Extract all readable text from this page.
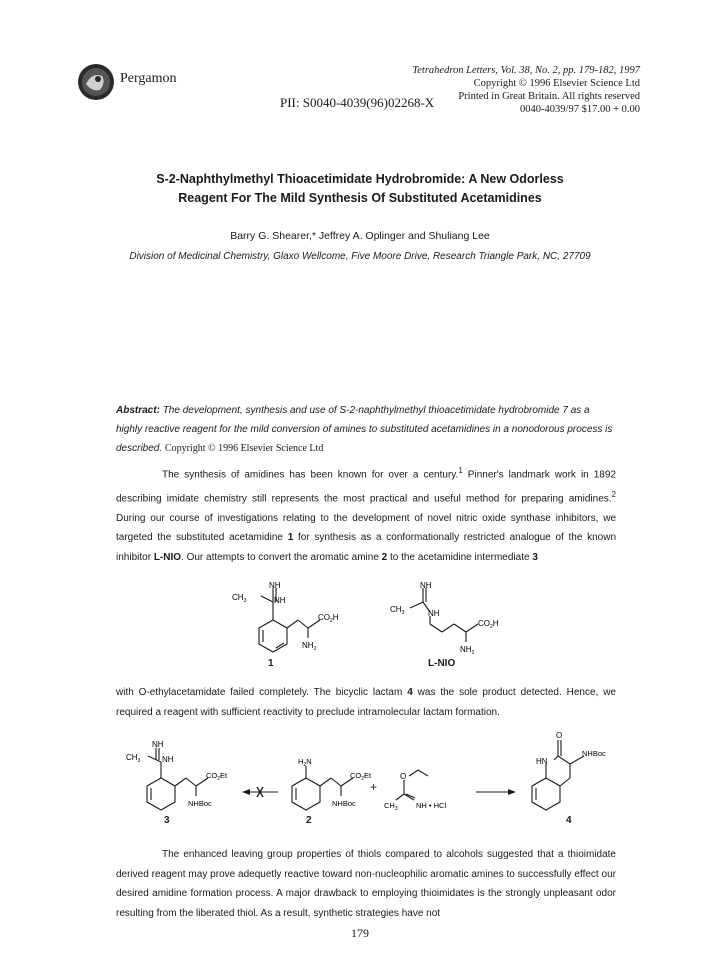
Pergamon
Tetrahedron Letters, Vol. 38, No. 2, pp. 179-182, 1997
Copyright © 1996 Elsevier Science Ltd
Printed in Great Britain. All rights reserved
0040-4039/97 $17.00 + 0.00
PII: S0040-4039(96)02268-X
S-2-Naphthylmethyl Thioacetimidate Hydrobromide: A New Odorless
Reagent For The Mild Synthesis Of Substituted Acetamidines
Barry G. Shearer,* Jeffrey A. Oplinger and Shuliang Lee
Division of Medicinal Chemistry, Glaxo Wellcome, Five Moore Drive, Research Triangle Park, NC, 27709
Abstract: The development, synthesis and use of S-2-naphthylmethyl thioacetimidate hydrobromide 7 as a highly reactive reagent for the mild conversion of amines to substituted acetamidines in a nonodorous process is described. Copyright © 1996 Elsevier Science Ltd
The synthesis of amidines has been known for over a century.$^1$ Pinner's landmark work in 1892 describing imidate chemistry still represents the most practical and useful method for preparing amidines.$^2$ During our course of investigations relating to the development of novel nitric oxide synthase inhibitors, we targeted the substituted acetamidine 1 for synthesis as a conformationally restricted analogue of the known inhibitor L-NIO. Our attempts to convert the aromatic amine 2 to the acetamidine intermediate 3
NH
$CH_3$	NH
$CO_2H$
$NH_2$
1
NH
$CH_3$	NH
$CO_2H$
$NH_2$
L-NIO
with O-ethylacetamidate failed completely. The bicyclic lactam 4 was the sole product detected. Hence, we required a reagent with sufficient reactivity to preclude intramolecular lactam formation.
NH
$CH_3$	NH
$CO_2Et$
NHBoc
3
$H_2N$
$CO_2Et$
NHBoc
2
+
O
$CH_3$ NH • HCl
O
HN
NHBoc
4
The enhanced leaving group properties of thiols compared to alcohols suggested that a thioimidate derived reagent may prove adequetly reactive toward non-nucleophilic aromatic amines to successfully effect our desired amidine formation process. A major drawback to employing thioimidates is the strongly unpleasant odor resulting from the liberated thiol. As a result, synthetic strategies have not
179
